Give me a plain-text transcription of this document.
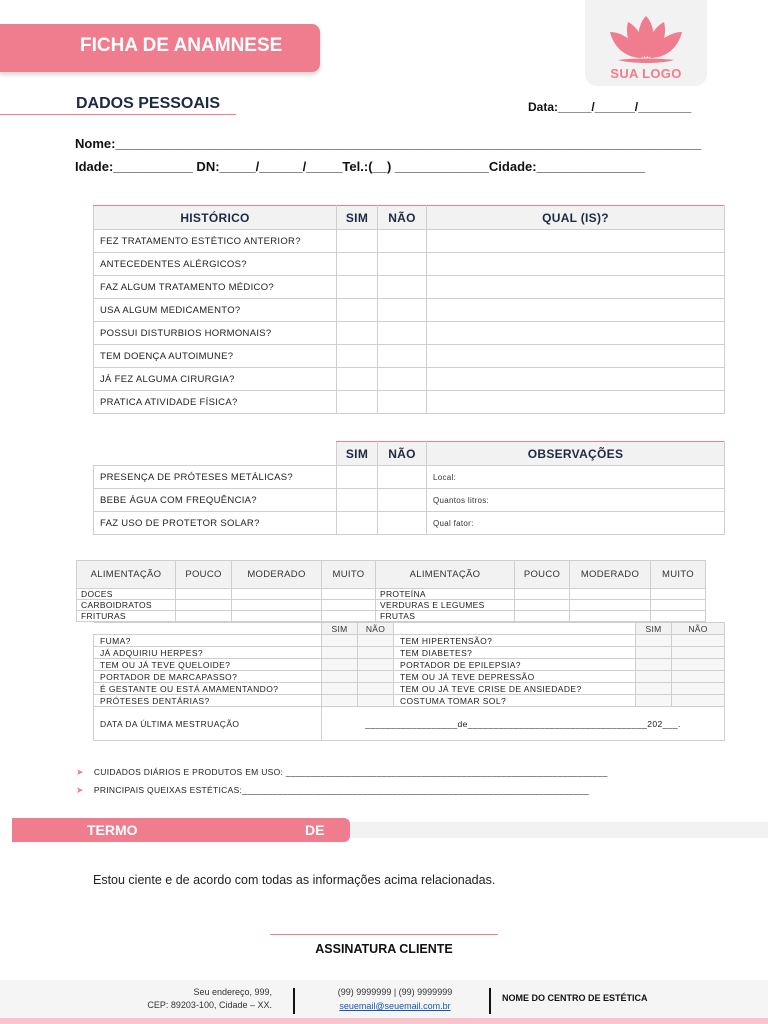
FICHA DE ANAMNESE
SUA LOGO
DADOS PESSOAIS	Data:_____/______/________
Nome:_________________________________________________________________________________
Idade:___________ DN:_____/______/_____Tel.:(__) _____________Cidade:_______________
HISTÓRICO	SIM	NÃO	QUAL (IS)?
FEZ TRATAMENTO ESTÉTICO ANTERIOR?			
ANTECEDENTES ALÉRGICOS?			
FAZ ALGUM TRATAMENTO MÉDICO?			
USA ALGUM MEDICAMENTO?			
POSSUI DISTURBIOS HORMONAIS?			
TEM DOENÇA AUTOIMUNE?			
JÁ FEZ ALGUMA CIRURGIA?			
PRATICA ATIVIDADE FÍSICA?			
	SIM	NÃO	OBSERVAÇÕES
PRESENÇA DE PRÓTESES METÁLICAS?			Local:
BEBE ÁGUA COM FREQUÊNCIA?			Quantos litros:
FAZ USO DE PROTETOR SOLAR?			Qual fator:
ALIMENTAÇÃO	POUCO	MODERADO	MUITO	ALIMENTAÇÃO	POUCO	MODERADO	MUITO
DOCES				PROTEÍNA			
CARBOIDRATOS				VERDURAS E LEGUMES			
FRITURAS				FRUTAS			
	SIM	NÃO		SIM	NÃO
FUMA?			TEM HIPERTENSÃO?		
JÁ ADQUIRIU HERPES?			TEM DIABETES?		
TEM OU JÁ TEVE QUELOIDE?			PORTADOR DE EPILEPSIA?		
PORTADOR DE MARCAPASSO?			TEM OU JÁ TEVE DEPRESSÃO		
É GESTANTE OU ESTÁ AMAMENTANDO?			TEM OU JÁ TEVE CRISE DE ANSIEDADE?		
PRÓTESES DENTÁRIAS?			COSTUMA TOMAR SOL?		
DATA DA ÚLTIMA MESTRUAÇÃO	__________________de___________________________________202___.				
➤ CUIDADOS DIÁRIOS E PRODUTOS EM USO: ________________________________________________________________
➤ PRINCIPAIS QUEIXAS ESTÉTICAS:_____________________________________________________________________
TERMO	DE
Estou ciente e de acordo com todas as informações acima relacionadas.
ASSINATURA CLIENTE
Seu endereço, 999,
CEP: 89203-100, Cidade – XX.
(99) 9999999 | (99) 9999999
seuemail@seuemail.com.br
NOME DO CENTRO DE ESTÉTICA
